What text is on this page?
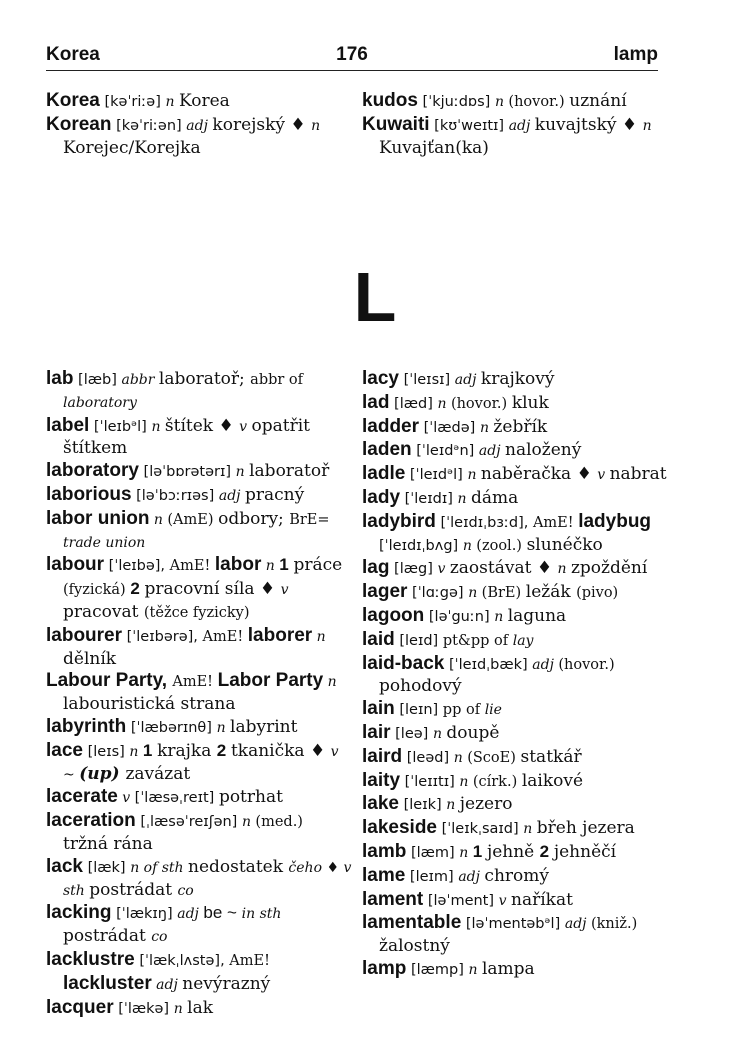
Korea	176	lamp
Korea [kəˈriːə] n Korea
Korean [kəˈriːən] adj korejský ♦ n Korejec/Korejka
kudos [ˈkjuːdɒs] n (hovor.) uznání
Kuwaiti [kʊˈweɪtɪ] adj kuvajtský ♦ n Kuvajťan(ka)
L
lab [læb] abbr laboratoř; abbr of laboratory
label [ˈleɪbᵊl] n štítek ♦ v opatřit štítkem
laboratory [ləˈbɒrətərɪ] n laboratoř
laborious [ləˈbɔːrɪəs] adj pracný
labor union n (AmE) odbory; BrE= trade union
labour [ˈleɪbə], AmE! labor n 1 práce (fyzická) 2 pracovní síla ♦ v pracovat (těžce fyzicky)
labourer [ˈleɪbərə], AmE! laborer n dělník
Labour Party, AmE! Labor Party n labouristická strana
labyrinth [ˈlæbərɪnθ] n labyrint
lace [leɪs] n 1 krajka 2 tkanička ♦ v ~ (up) zavázat
lacerate v [ˈlæsəˌreɪt] potrhat
laceration [ˌlæsəˈreɪʃən] n (med.) tržná rána
lack [læk] n of sth nedostatek čeho ♦ v sth postrádat co
lacking [ˈlækɪŋ] adj be ~ in sth postrádat co
lacklustre [ˈlækˌlʌstə], AmE! lackluster adj nevýrazný
lacquer [ˈlækə] n lak
lacy [ˈleɪsɪ] adj krajkový
lad [læd] n (hovor.) kluk
ladder [ˈlædə] n žebřík
laden [ˈleɪdᵊn] adj naložený
ladle [ˈleɪdᵊl] n naběračka ♦ v nabrat
lady [ˈleɪdɪ] n dáma
ladybird [ˈleɪdɪˌbɜːd], AmE! ladybug [ˈleɪdɪˌbʌg] n (zool.) slunéčko
lag [læg] v zaostávat ♦ n zpoždění
lager [ˈlɑːgə] n (BrE) ležák (pivo)
lagoon [ləˈguːn] n laguna
laid [leɪd] pt&pp of lay
laid-back [ˈleɪdˌbæk] adj (hovor.) pohodový
lain [leɪn] pp of lie
lair [leə] n doupě
laird [leəd] n (ScoE) statkář
laity [ˈleɪɪtɪ] n (círk.) laikové
lake [leɪk] n jezero
lakeside [ˈleɪkˌsaɪd] n břeh jezera
lamb [læm] n 1 jehně 2 jehněčí
lame [leɪm] adj chromý
lament [ləˈment] v naříkat
lamentable [ləˈmentəbᵊl] adj (kniž.) žalostný
lamp [læmp] n lampa
